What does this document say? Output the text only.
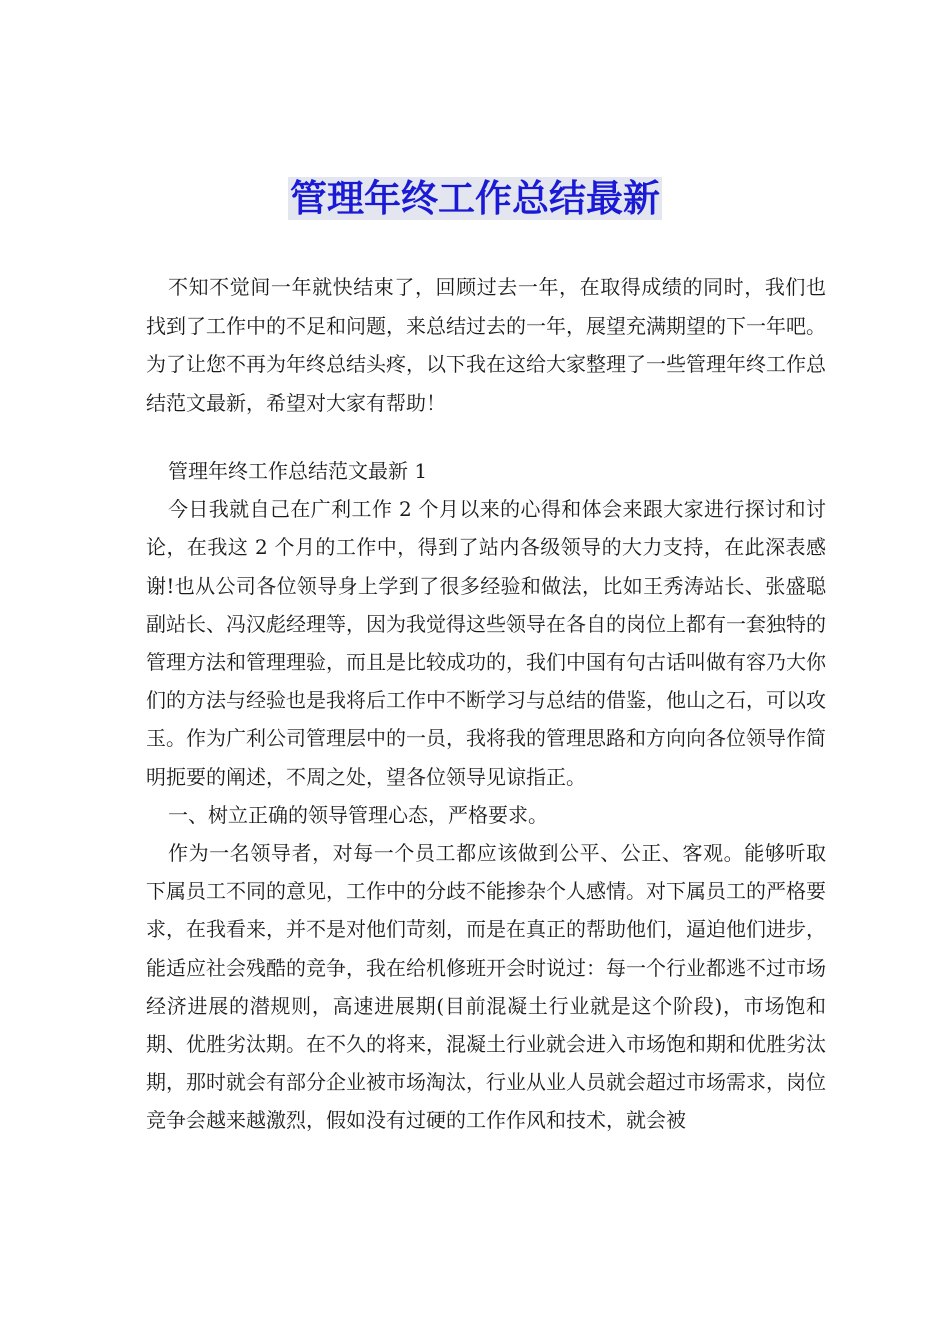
管理年终工作总结最新

不知不觉间一年就快结束了，回顾过去一年，在取得成绩的同时，我们也找到了工作中的不足和问题，来总结过去的一年，展望充满期望的下一年吧。为了让您不再为年终总结头疼，以下我在这给大家整理了一些管理年终工作总结范文最新，希望对大家有帮助！

管理年终工作总结范文最新 1

今日我就自己在广利工作 2 个月以来的心得和体会来跟大家进行探讨和讨论，在我这 2 个月的工作中，得到了站内各级领导的大力支持，在此深表感谢!也从公司各位领导身上学到了很多经验和做法，比如王秀涛站长、张盛聪副站长、冯汉彪经理等，因为我觉得这些领导在各自的岗位上都有一套独特的管理方法和管理理验，而且是比较成功的，我们中国有句古话叫做有容乃大你们的方法与经验也是我将后工作中不断学习与总结的借鉴，他山之石，可以攻玉。作为广利公司管理层中的一员，我将我的管理思路和方向向各位领导作简明扼要的阐述，不周之处，望各位领导见谅指正。

一、树立正确的领导管理心态，严格要求。

作为一名领导者，对每一个员工都应该做到公平、公正、客观。能够听取下属员工不同的意见，工作中的分歧不能掺杂个人感情。对下属员工的严格要求，在我看来，并不是对他们苛刻，而是在真正的帮助他们，逼迫他们进步，能适应社会残酷的竞争，我在给机修班开会时说过：每一个行业都逃不过市场经济进展的潜规则，高速进展期(目前混凝土行业就是这个阶段)，市场饱和期、优胜劣汰期。在不久的将来，混凝土行业就会进入市场饱和期和优胜劣汰期，那时就会有部分企业被市场淘汰，行业从业人员就会超过市场需求，岗位竞争会越来越激烈，假如没有过硬的工作作风和技术，就会被
